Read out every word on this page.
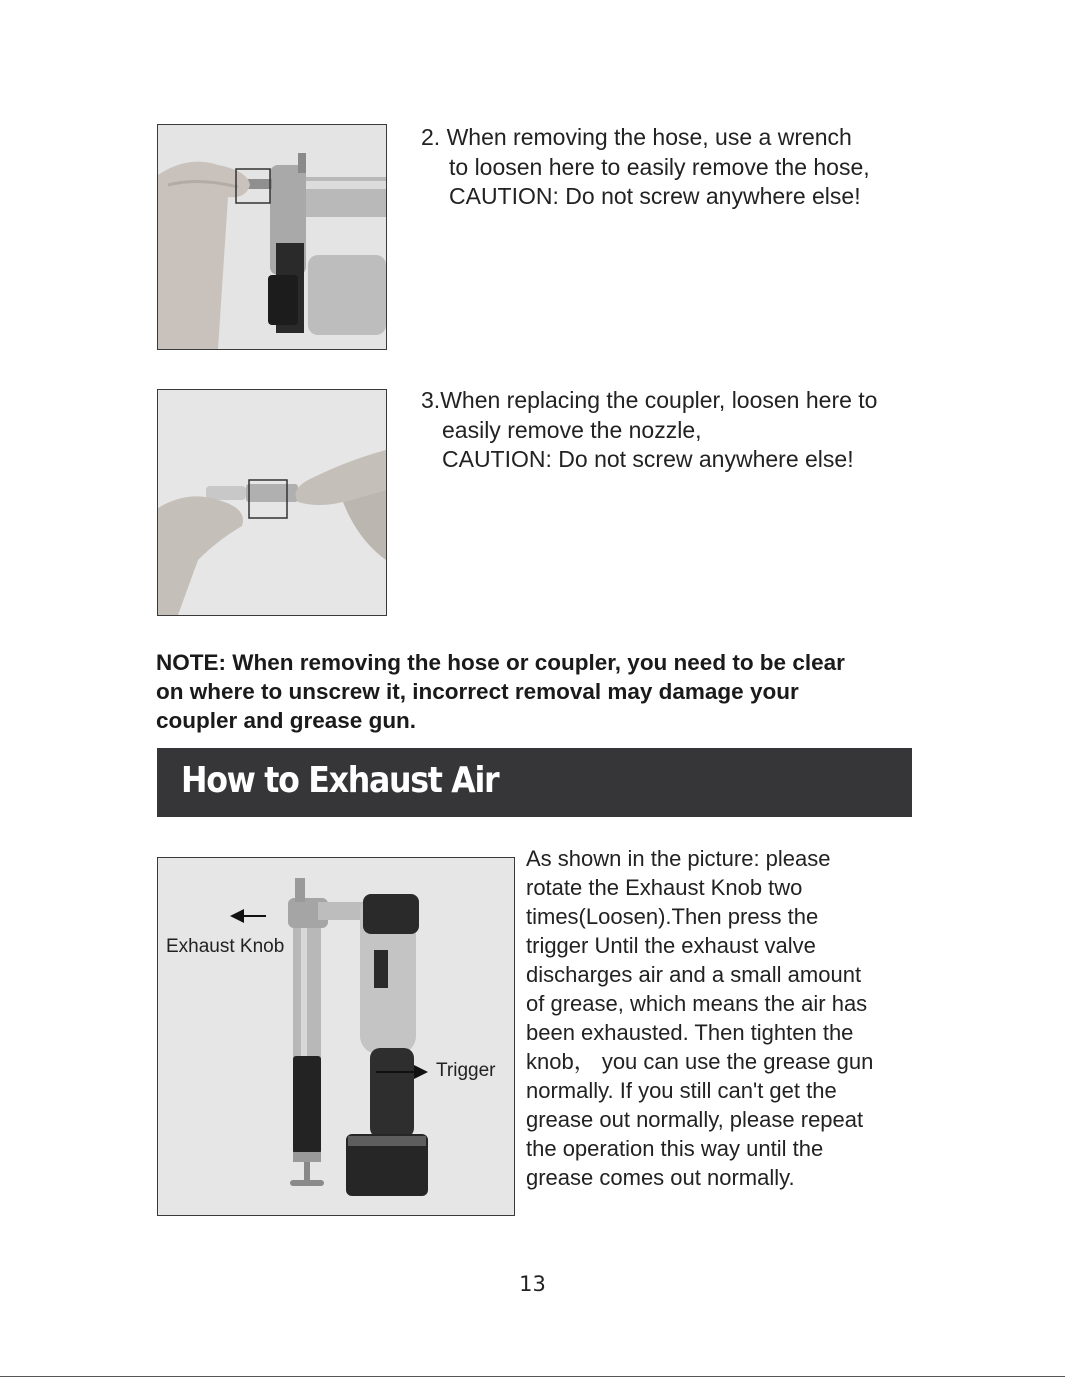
2. When removing the hose, use a wrench
to loosen here to easily remove the hose,
CAUTION: Do not screw anywhere else!
3.When replacing the coupler, loosen here to
easily remove the nozzle,
CAUTION: Do not screw anywhere else!
NOTE: When removing the hose or coupler, you need to be clear
on where to unscrew it, incorrect removal may damage your
coupler and grease gun.
How to Exhaust Air
Exhaust Knob
Trigger
As shown in the picture: please
rotate the Exhaust Knob two
times(Loosen).Then press the
trigger Until the exhaust valve
discharges air and a small amount
of grease, which means the air has
been exhausted. Then tighten the
knob， you can use the grease gun
normally. If you still can't get the
grease out normally, please repeat
the operation this way until the
grease comes out normally.
13
